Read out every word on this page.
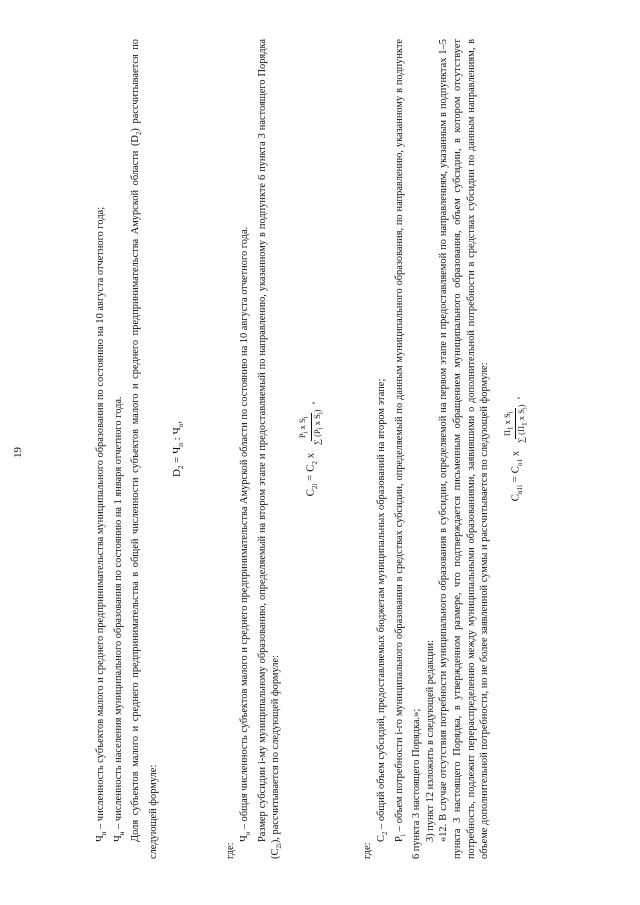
19

$Ч_п$ – численность субъектов малого и среднего предпринимательства муниципального образования по состоянию на 10 августа отчетного года;

$Ч_н$ – численность населения муниципального образования по состоянию на 1 января отчетного года. Доля субъектов малого и среднего предпринимательства в общей численности субъектов малого и среднего предпринимательства Амурской области $(D_2)$ рассчитывается по следующей формуле:

$D_2 = Ч_п$ : $Ч_о$,

где:

$Ч_о$ – общая численность субъектов малого и среднего предпринимательства Амурской области по состоянию на 10 августа отчетного года. Размер субсидии i-му муниципальному образованию, определяемый на втором этапе и предоставляемый по направлению, указанному в подпункте 6 пункта 3 настоящего Порядка $(С_{2i})$, рассчитывается по следующей формуле:

$С_{2i} = С_2$ x
$P_i$ x $S_i$
∑ ($P_i$ x $S_i$)
,

где:

$С_2$ – общий объем субсидий, предоставляемых бюджетам муниципальных образований на втором этапе;

$P_i$ – объем потребности i-го муниципального образования в средствах субсидии, определяемый по данным муниципального образования, по направлению, указанному в подпункте 6 пункта 3 настоящего Порядка.»; 3) пункт 12 изложить в следующей редакции: «12. В случае отсутствия потребности муниципального образования в субсидии, определяемой на первом этапе и предоставляемой по направлениям, указанным в подпунктах 1–5 пункта 3 настоящего Порядка, в утвержденном размере, что подтверждается письменным обращением муниципального образования, объем субсидии, в котором отсутствует потребность, подлежит перераспределению между муниципальными образованиями, заявившими о дополнительной потребности в средствах субсидии по данным направлениям, в объеме дополнительной потребности, но не более заявленной суммы и рассчитывается по следующей формуле:	$С_{n1i} = С_{o1}$ x
$П_1$ x $S_i$
∑ ($П_1$ x $S_i$)
,
